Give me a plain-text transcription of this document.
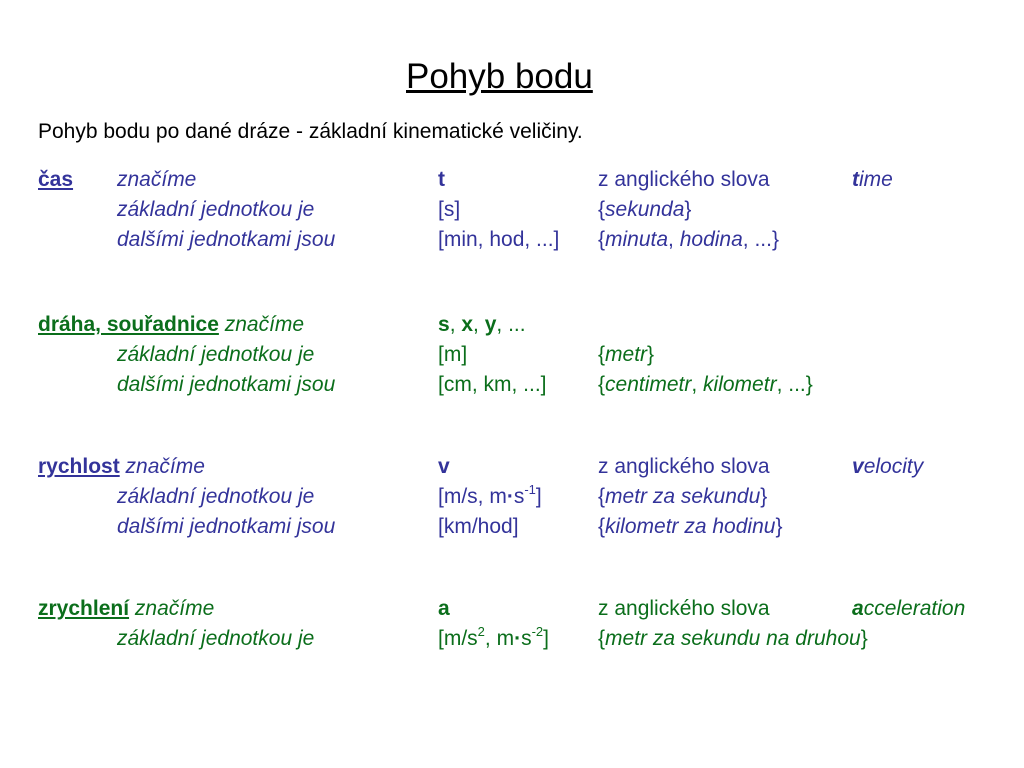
Pohyb bodu
Pohyb bodu po dané dráze - základní kinematické veličiny.
čas značíme	t	z anglického slova	time
základní jednotkou je	[s]	{sekunda}
dalšími jednotkami jsou	[min, hod, ...] {minuta, hodina, ...}
dráha, souřadnice značíme	s, x, y, ...
základní jednotkou je	[m]	{metr}
dalšími jednotkami jsou	[cm, km, ...] {centimetr, kilometr, ...}
rychlost značíme	v	z anglického slova	velocity
základní jednotkou je	[m/s, $m\cdot s^{-1}$]	{metr za sekundu}
dalšími jednotkami jsou	[km/hod]	{kilometr za hodinu}
zrychlení značíme	a	z anglického slova	acceleration
základní jednotkou je	[$m/s^2$, $m\cdot s^{-2}$] {metr za sekundu na druhou}
